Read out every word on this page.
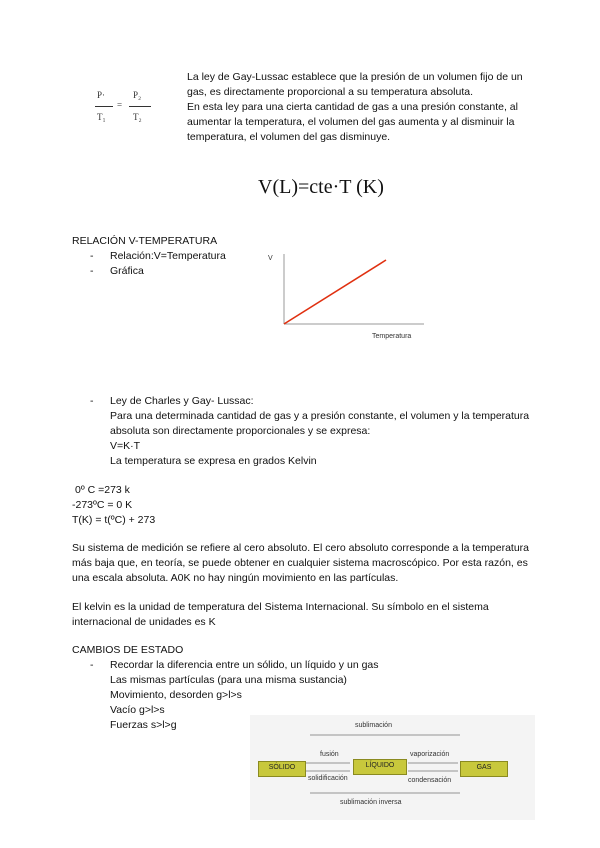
P·
T₁
=
P₂
T₂
La ley de Gay-Lussac establece que la presión de un volumen fijo de un gas, es directamente proporcional a su temperatura absoluta.
En esta ley para una cierta cantidad de gas a una presión constante, al aumentar la temperatura, el volumen del gas aumenta y al disminuir la temperatura, el volumen del gas disminuye.
V(L)=cte·T (K)
RELACIÓN V-TEMPERATURA
- Relación:V=Temperatura
- Gráfica
V
Temperatura
- Ley de Charles y Gay- Lussac:
Para una determinada cantidad de gas y a presión constante, el volumen y la temperatura absoluta son directamente proporcionales y se expresa:
V=K·T
La temperatura se expresa en grados Kelvin
0º C =273 k
-273ºC = 0 K
T(K) = t(ºC) + 273
Su sistema de medición se refiere al cero absoluto. El cero absoluto corresponde a la temperatura más baja que, en teoría, se puede obtener en cualquier sistema macroscópico. Por esta razón, es una escala absoluta. A0K no hay ningún movimiento en las partículas.
El kelvin es la unidad de temperatura del Sistema Internacional. Su símbolo en el sistema internacional de unidades es K
CAMBIOS DE ESTADO
- Recordar la diferencia entre un sólido, un líquido y un gas
Las mismas partículas (para una misma sustancia)
Movimiento, desorden g>l>s
Vacío g>l>s
Fuerzas s>l>g	sublimación
SÓLIDO	LÍQUIDO	GAS
fusión	vaporización
solidificación	condensación
sublimación inversa
